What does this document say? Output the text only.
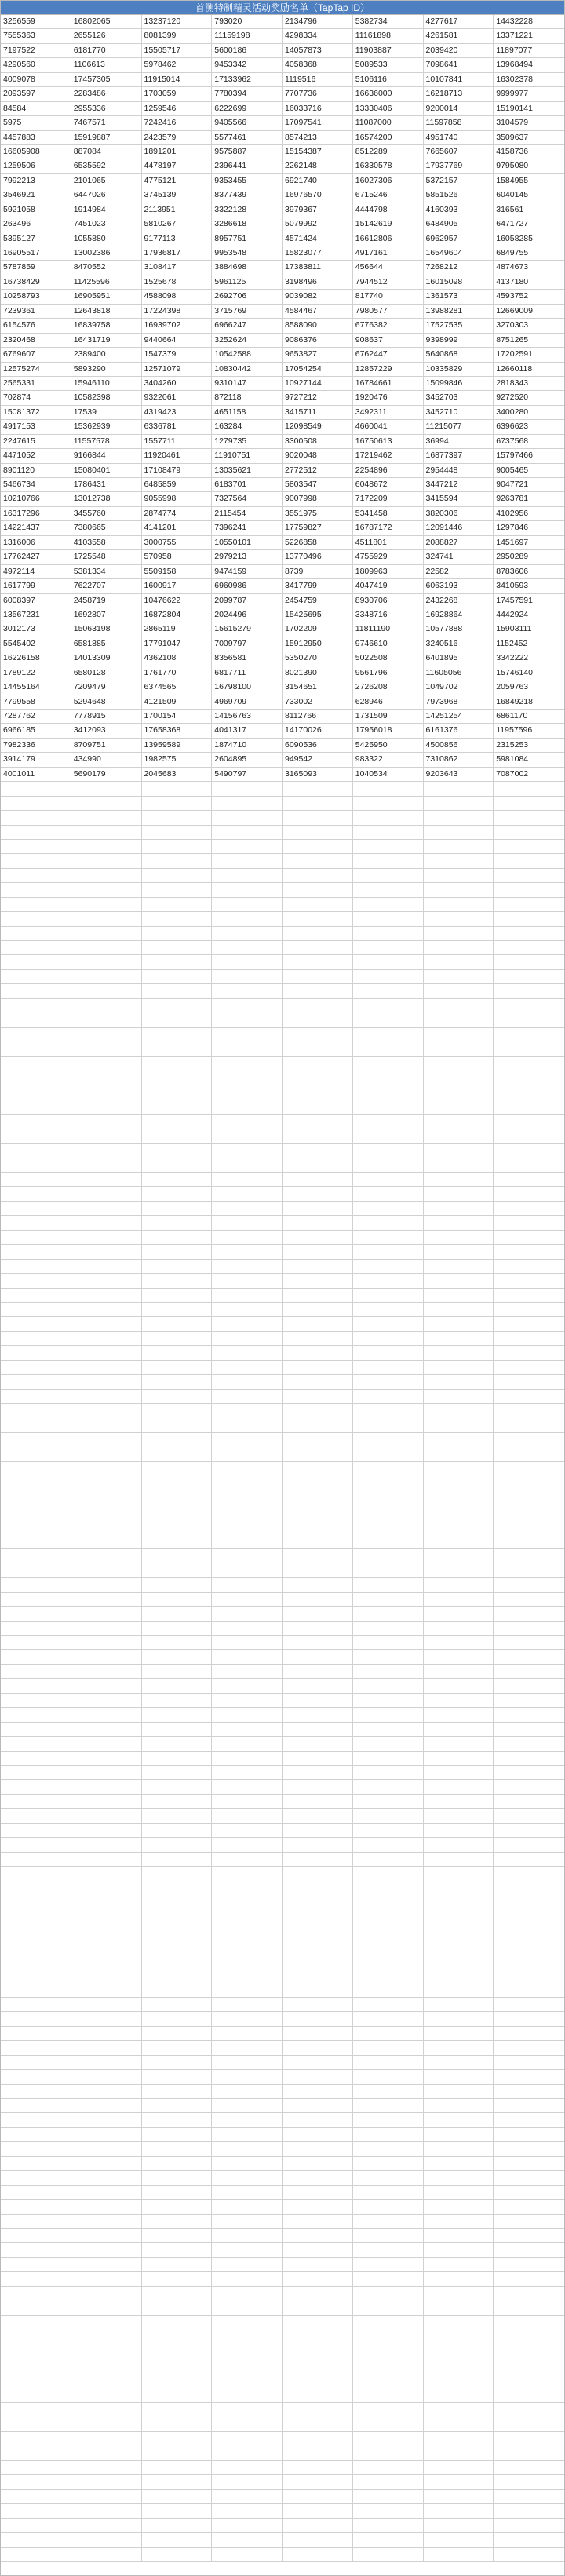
首测特制精灵活动奖励名单（TapTap ID）
3256559	16802065	13237120	793020	2134796	5382734	4277617	14432228
7555363	2655126	8081399	11159198	4298334	11161898	4261581	13371221
7197522	6181770	15505717	5600186	14057873	11903887	2039420	11897077
4290560	1106613	5978462	9453342	4058368	5089533	7098641	13968494
4009078	17457305	11915014	17133962	1119516	5106116	10107841	16302378
2093597	2283486	1703059	7780394	7707736	16636000	16218713	9999977
84584	2955336	1259546	6222699	16033716	13330406	9200014	15190141
5975	7467571	7242416	9405566	17097541	11087000	11597858	3104579
4457883	15919887	2423579	5577461	8574213	16574200	4951740	3509637
16605908	887084	1891201	9575887	15154387	8512289	7665607	4158736
1259506	6535592	4478197	2396441	2262148	16330578	17937769	9795080
7992213	2101065	4775121	9353455	6921740	16027306	5372157	1584955
3546921	6447026	3745139	8377439	16976570	6715246	5851526	6040145
5921058	1914984	2113951	3322128	3979367	4444798	4160393	316561
263496	7451023	5810267	3286618	5079992	15142619	6484905	6471727
5395127	1055880	9177113	8957751	4571424	16612806	6962957	16058285
16905517	13002386	17936817	9953548	15823077	4917161	16549604	6849755
5787859	8470552	3108417	3884698	17383811	456644	7268212	4874673
16738429	11425596	1525678	5961125	3198496	7944512	16015098	4137180
10258793	16905951	4588098	2692706	9039082	817740	1361573	4593752
7239361	12643818	17224398	3715769	4584467	7980577	13988281	12669009
6154576	16839758	16939702	6966247	8588090	6776382	17527535	3270303
2320468	16431719	9440664	3252624	9086376	908637	9398999	8751265
6769607	2389400	1547379	10542588	9653827	6762447	5640868	17202591
12575274	5893290	12571079	10830442	17054254	12857229	10335829	12660118
2565331	15946110	3404260	9310147	10927144	16784661	15099846	2818343
702874	10582398	9322061	872118	9727212	1920476	3452703	9272520
15081372	17539	4319423	4651158	3415711	3492311	3452710	3400280
4917153	15362939	6336781	163284	12098549	4660041	11215077	6396623
2247615	11557578	1557711	1279735	3300508	16750613	36994	6737568
4471052	9166844	11920461	11910751	9020048	17219462	16877397	15797466
8901120	15080401	17108479	13035621	2772512	2254896	2954448	9005465
5466734	1786431	6485859	6183701	5803547	6048672	3447212	9047721
10210766	13012738	9055998	7327564	9007998	7172209	3415594	9263781
16317296	3455760	2874774	2115454	3551975	5341458	3820306	4102956
14221437	7380665	4141201	7396241	17759827	16787172	12091446	1297846
1316006	4103558	3000755	10550101	5226858	4511801	2088827	1451697
17762427	1725548	570958	2979213	13770496	4755929	324741	2950289
4972114	5381334	5509158	9474159	8739	1809963	22582	8783606
1617799	7622707	1600917	6960986	3417799	4047419	6063193	3410593
6008397	2458719	10476622	2099787	2454759	8930706	2432268	17457591
13567231	1692807	16872804	2024496	15425695	3348716	16928864	4442924
3012173	15063198	2865119	15615279	1702209	11811190	10577888	15903111
5545402	6581885	17791047	7009797	15912950	9746610	3240516	1152452
16226158	14013309	4362108	8356581	5350270	5022508	6401895	3342222
1789122	6580128	1761770	6817711	8021390	9561796	11605056	15746140
14455164	7209479	6374565	16798100	3154651	2726208	1049702	2059763
7799558	5294648	4121509	4969709	733002	628946	7973968	16849218
7287762	7778915	1700154	14156763	8112766	1731509	14251254	6861170
6966185	3412093	17658368	4041317	14170026	17956018	6161376	11957596
7982336	8709751	13959589	1874710	6090536	5425950	4500856	2315253
3914179	434990	1982575	2604895	949542	983322	7310862	5981084
4001011	5690179	2045683	5490797	3165093	1040534	9203643	7087002
